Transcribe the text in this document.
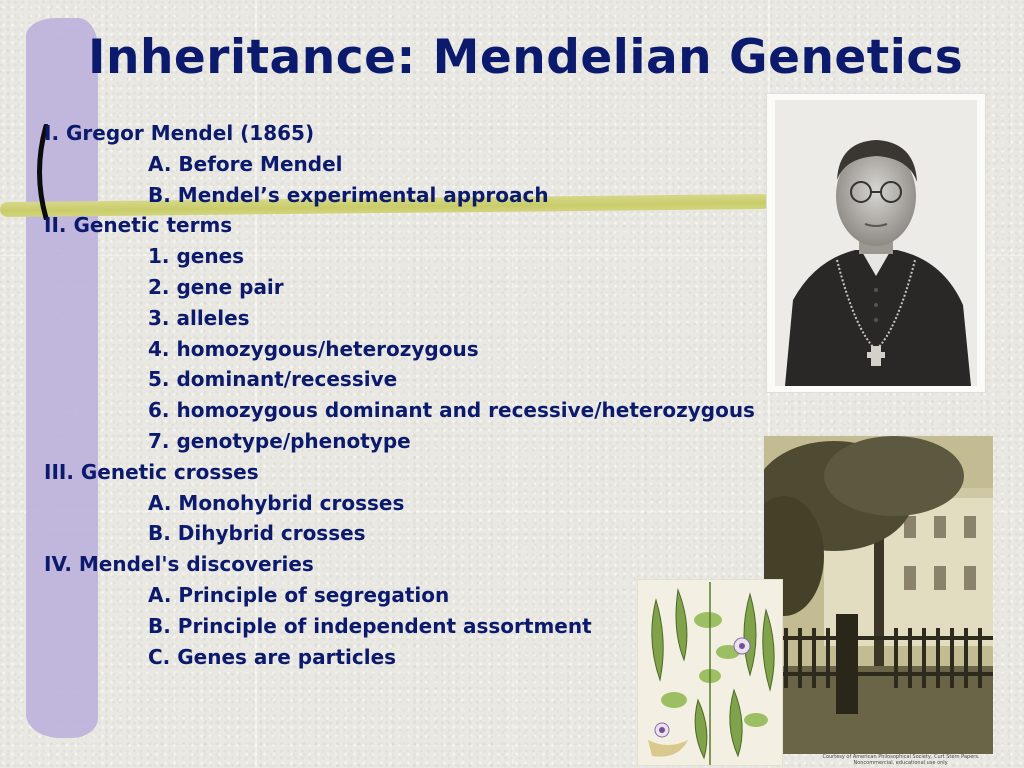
Inheritance: Mendelian Genetics
I. Gregor Mendel (1865)
A. Before Mendel
B. Mendel’s experimental approach
II. Genetic terms
1. genes
2. gene pair
3. alleles
4. homozygous/heterozygous
5. dominant/recessive
6. homozygous dominant and recessive/heterozygous
7. genotype/phenotype
III. Genetic crosses
A. Monohybrid crosses
B. Dihybrid crosses
IV. Mendel's discoveries
A. Principle of segregation
B. Principle of independent assortment
C. Genes are particles
Courtesy of American Philosophical Society, Curt Stern Papers.
Noncommercial, educational use only.
